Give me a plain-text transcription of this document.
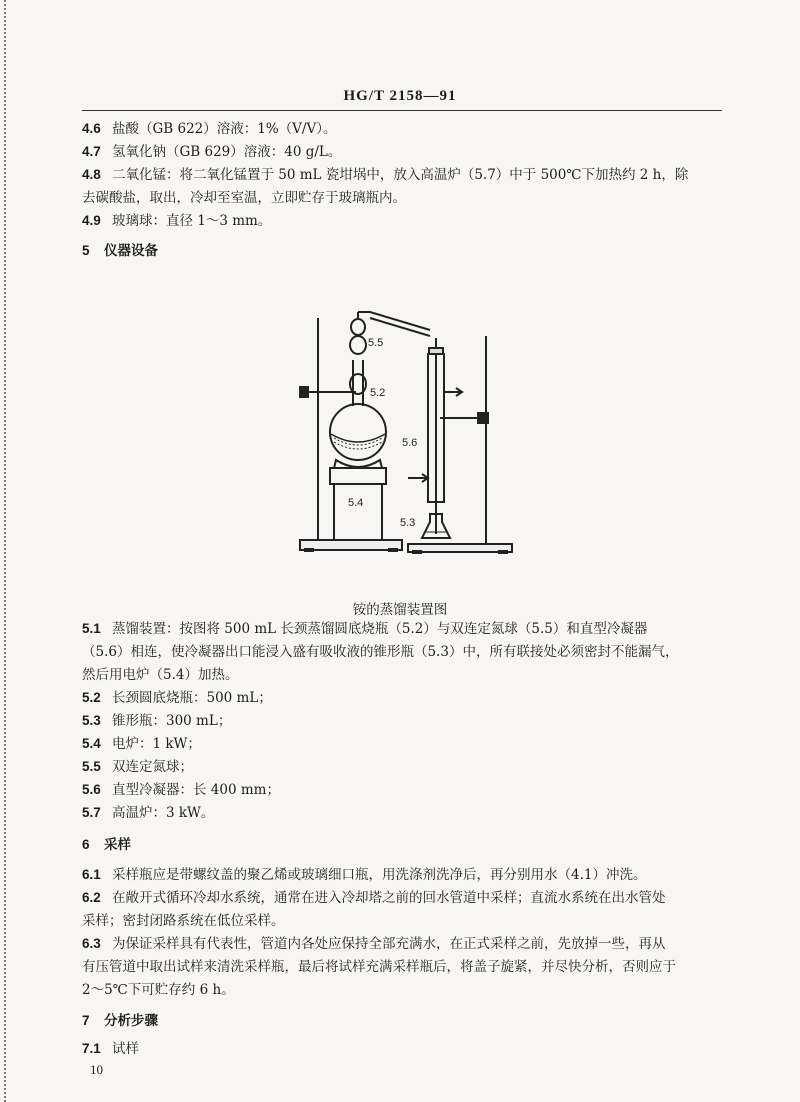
HG/T 2158—91
4.6 盐酸（GB 622）溶液：1%（V/V）。
4.7 氢氧化钠（GB 629）溶液：40 g/L。
4.8 二氧化锰：将二氧化锰置于 50 mL 瓷坩埚中，放入高温炉（5.7）中于 500℃下加热约 2 h，除
去碳酸盐，取出，冷却至室温，立即贮存于玻璃瓶内。
4.9 玻璃球：直径 1～3 mm。
5 仪器设备
5.5
5.2
5.6
5.4
5.3
铵的蒸馏装置图
5.1 蒸馏装置：按图将 500 mL 长颈蒸馏圆底烧瓶（5.2）与双连定氮球（5.5）和直型冷凝器
（5.6）相连，使冷凝器出口能浸入盛有吸收液的锥形瓶（5.3）中，所有联接处必须密封不能漏气，
然后用电炉（5.4）加热。
5.2 长颈圆底烧瓶：500 mL；
5.3 锥形瓶：300 mL；
5.4 电炉：1 kW；
5.5 双连定氮球；
5.6 直型冷凝器：长 400 mm；
5.7 高温炉：3 kW。
6 采样
6.1 采样瓶应是带螺纹盖的聚乙烯或玻璃细口瓶，用洗涤剂洗净后，再分别用水（4.1）冲洗。
6.2 在敞开式循环冷却水系统，通常在进入冷却塔之前的回水管道中采样；直流水系统在出水管处
采样；密封闭路系统在低位采样。
6.3 为保证采样具有代表性，管道内各处应保持全部充满水，在正式采样之前，先放掉一些，再从
有压管道中取出试样来清洗采样瓶，最后将试样充满采样瓶后，将盖子旋紧，并尽快分析，否则应于
2～5℃下可贮存约 6 h。
7 分析步骤
7.1 试样
10
